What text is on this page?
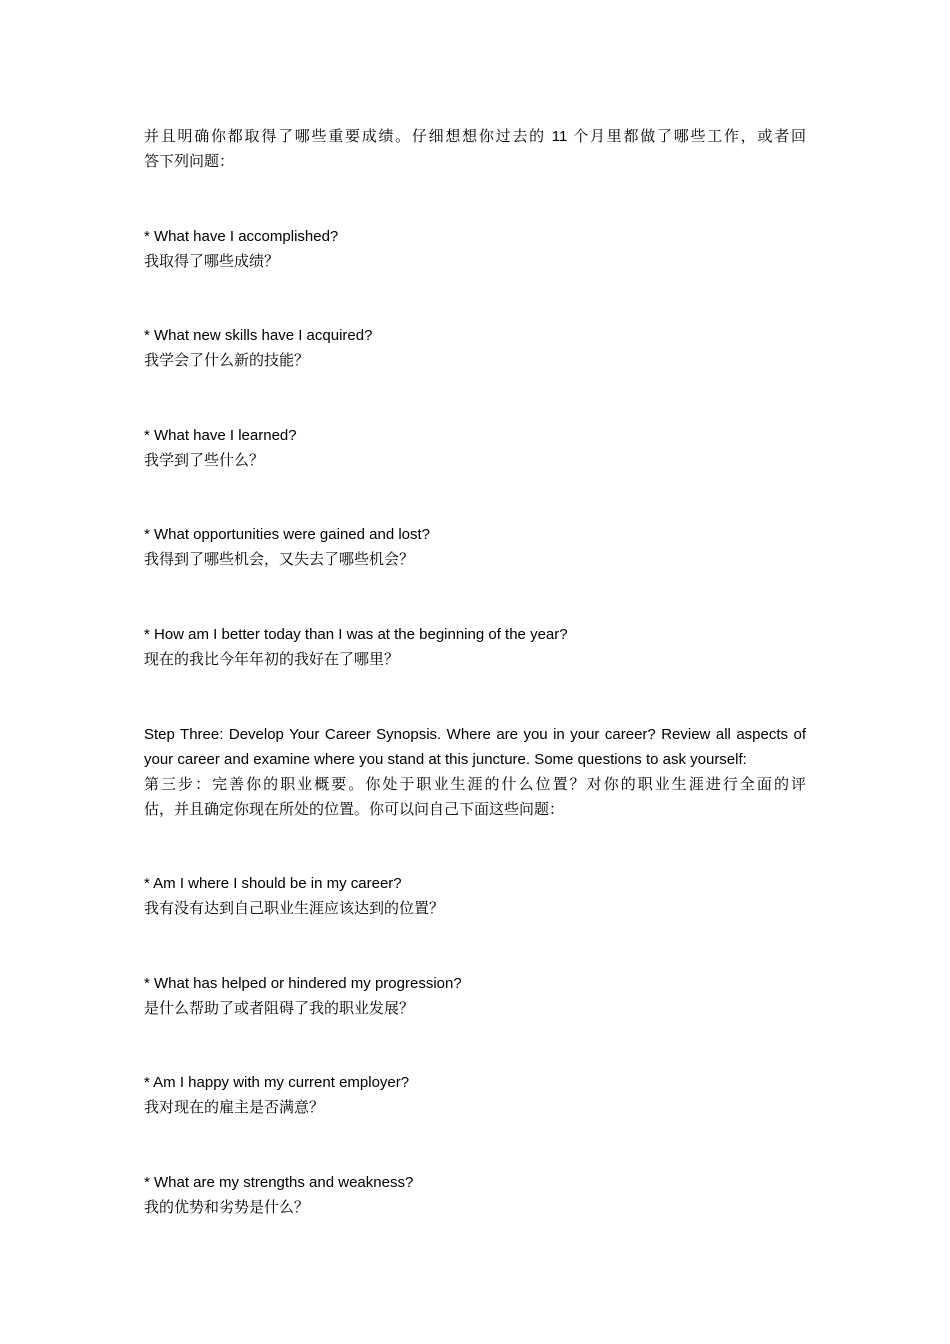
并且明确你都取得了哪些重要成绩。仔细想想你过去的 11 个月里都做了哪些工作，或者回
答下列问题：
* What have I accomplished?
我取得了哪些成绩？
* What new skills have I acquired?
我学会了什么新的技能？
* What have I learned?
我学到了些什么？
* What opportunities were gained and lost?
我得到了哪些机会，又失去了哪些机会？
* How am I better today than I was at the beginning of the year?
现在的我比今年年初的我好在了哪里？
Step Three: Develop Your Career Synopsis. Where are you in your career? Review all aspects of
your career and examine where you stand at this juncture. Some questions to ask yourself:
第三步：完善你的职业概要。你处于职业生涯的什么位置？对你的职业生涯进行全面的评
估，并且确定你现在所处的位置。你可以问自己下面这些问题：
* Am I where I should be in my career?
我有没有达到自己职业生涯应该达到的位置？
* What has helped or hindered my progression?
是什么帮助了或者阻碍了我的职业发展？
* Am I happy with my current employer?
我对现在的雇主是否满意？
* What are my strengths and weakness?
我的优势和劣势是什么？
